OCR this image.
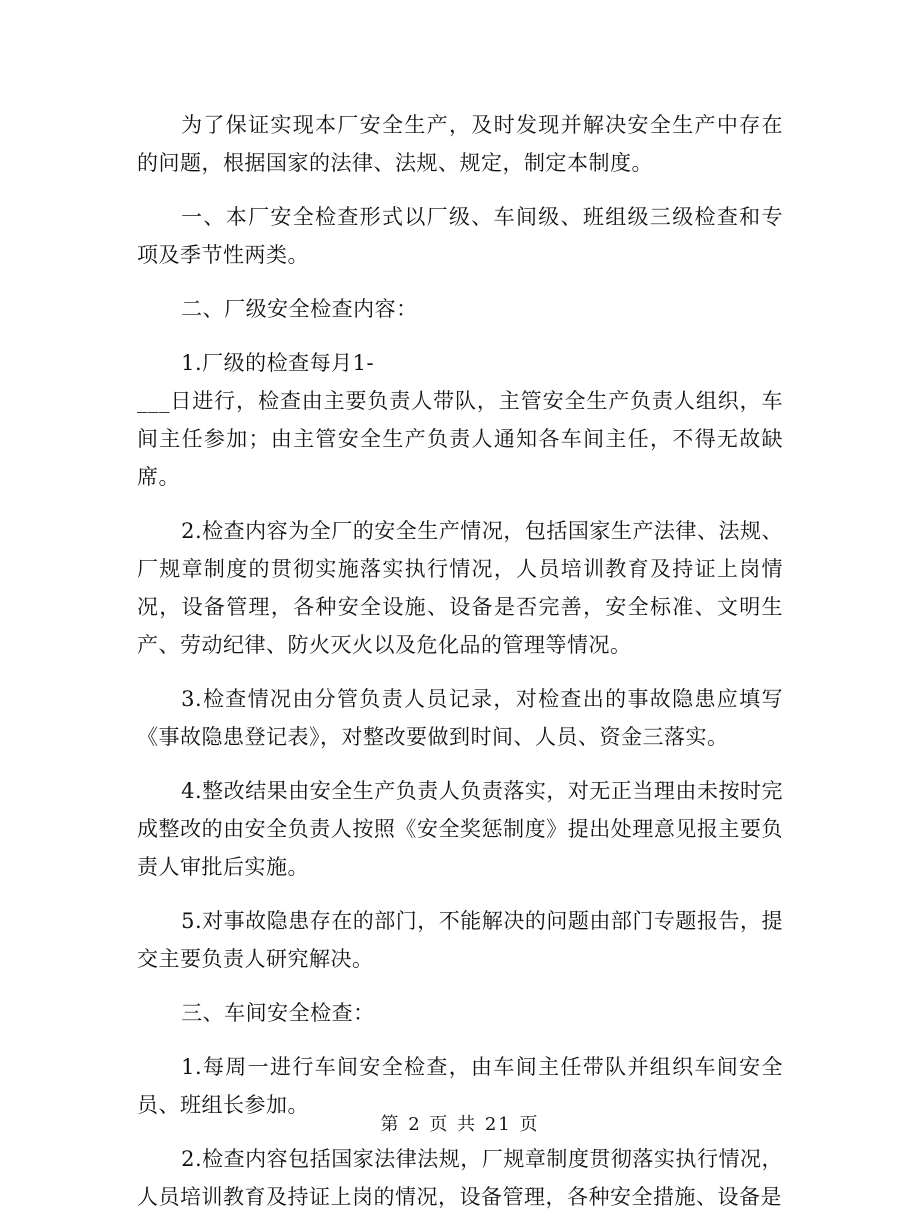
为了保证实现本厂安全生产，及时发现并解决安全生产中存在的问题，根据国家的法律、法规、规定，制定本制度。

一、本厂安全检查形式以厂级、车间级、班组级三级检查和专项及季节性两类。

二、厂级安全检查内容：

1.厂级的检查每月1-

___日进行，检查由主要负责人带队，主管安全生产负责人组织，车间主任参加；由主管安全生产负责人通知各车间主任，不得无故缺席。

2.检查内容为全厂的安全生产情况，包括国家生产法律、法规、厂规章制度的贯彻实施落实执行情况，人员培训教育及持证上岗情况，设备管理，各种安全设施、设备是否完善，安全标准、文明生产、劳动纪律、防火灭火以及危化品的管理等情况。

3.检查情况由分管负责人员记录，对检查出的事故隐患应填写《事故隐患登记表》，对整改要做到时间、人员、资金三落实。

4.整改结果由安全生产负责人负责落实，对无正当理由未按时完成整改的由安全负责人按照《安全奖惩制度》提出处理意见报主要负责人审批后实施。

5.对事故隐患存在的部门，不能解决的问题由部门专题报告，提交主要负责人研究解决。

三、车间安全检查：

1.每周一进行车间安全检查，由车间主任带队并组织车间安全员、班组长参加。

2.检查内容包括国家法律法规，厂规章制度贯彻落实执行情况，人员培训教育及持证上岗的情况，设备管理，各种安全措施、设备是

第 2 页 共 21 页
